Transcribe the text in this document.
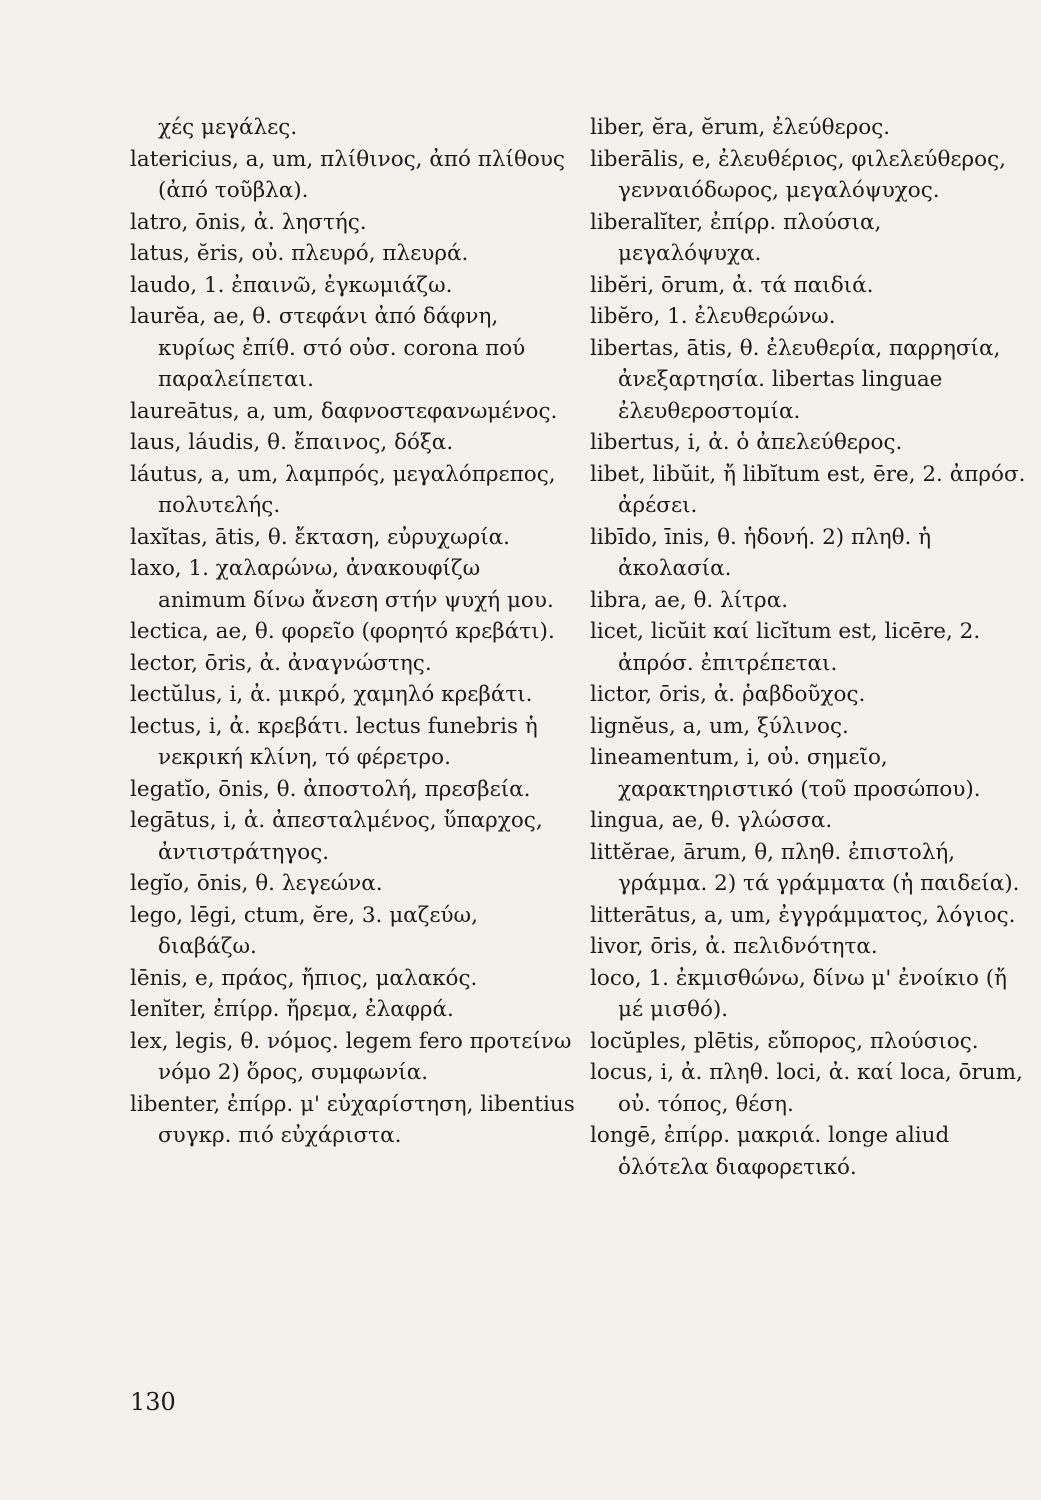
χές μεγάλες.

latericius, a, um, πλίθινος, ἀπό πλίθους (ἀπό τοῦβλα).

latro, ōnis, ἀ. ληστής.

latus, ĕris, οὐ. πλευρό, πλευρά.

laudo, 1. ἐπαινῶ, ἐγκωμιάζω.

laurĕa, ae, θ. στεφάνι ἀπό δάφνη, κυρίως ἐπίθ. στό οὐσ. corona πού παραλείπεται.

laureātus, a, um, δαφνοστεφανωμένος.

laus, láudis, θ. ἔπαινος, δόξα.

láutus, a, um, λαμπρός, μεγαλόπρεπος, πολυτελής.

laxĭtas, ātis, θ. ἔκταση, εὐρυχωρία.

laxo, 1. χαλαρώνω, ἀνακουφίζω animum δίνω ἄνεση στήν ψυχή μου.

lectica, ae, θ. φορεῖο (φορητό κρεβάτι).

lector, ōris, ἀ. ἀναγνώστης.

lectŭlus, i, ἀ. μικρό, χαμηλό κρεβάτι.

lectus, i, ἀ. κρεβάτι. lectus funebris ἡ νεκρική κλίνη, τό φέρετρο.

legatĭo, ōnis, θ. ἀποστολή, πρεσβεία.

legātus, i, ἀ. ἀπεσταλμένος, ὕπαρχος, ἀντιστράτηγος.

legĭo, ōnis, θ. λεγεώνα.

lego, lēgi, ctum, ĕre, 3. μαζεύω, διαβάζω.

lēnis, e, πράος, ἤπιος, μαλακός.

lenĭter, ἐπίρρ. ἤρεμα, ἐλαφρά.

lex, legis, θ. νόμος. legem fero προτείνω νόμο 2) ὅρος, συμφωνία.

libenter, ἐπίρρ. μ' εὐχαρίστηση, libentius συγκρ. πιό εὐχάριστα.

liber, ĕra, ĕrum, ἐλεύθερος.

liberālis, e, ἐλευθέριος, φιλελεύθερος, γενναιόδωρος, μεγαλόψυχος.

liberalĭter, ἐπίρρ. πλούσια, μεγαλόψυχα.

libĕri, ōrum, ἀ. τά παιδιά.

libĕro, 1. ἐλευθερώνω.

libertas, ātis, θ. ἐλευθερία, παρρησία, ἀνεξαρτησία. libertas linguae ἐλευθεροστομία.

libertus, i, ἀ. ὁ ἀπελεύθερος.

libet, libŭit, ἤ libĭtum est, ēre, 2. ἀπρόσ. ἀρέσει.

libīdo, īnis, θ. ἡδονή. 2) πληθ. ἡ ἀκολασία.

libra, ae, θ. λίτρα.

licet, licŭit καί licĭtum est, licēre, 2. ἀπρόσ. ἐπιτρέπεται.

lictor, ōris, ἀ. ῥαβδοῦχος.

lignĕus, a, um, ξύλινος.

lineamentum, i, οὐ. σημεῖο, χαρακτηριστικό (τοῦ προσώπου).

lingua, ae, θ. γλώσσα.

littĕrae, ārum, θ, πληθ. ἐπιστολή, γράμμα. 2) τά γράμματα (ἡ παιδεία).

litterātus, a, um, ἐγγράμματος, λόγιος.

livor, ōris, ἀ. πελιδνότητα.

loco, 1. ἐκμισθώνω, δίνω μ' ἐνοίκιο (ἤ μέ μισθό).

locŭples, plētis, εὔπορος, πλούσιος.

locus, i, ἀ. πληθ. loci, ἀ. καί loca, ōrum, οὐ. τόπος, θέση.

longē, ἐπίρρ. μακριά. longe aliud ὁλότελα διαφορετικό.

130
